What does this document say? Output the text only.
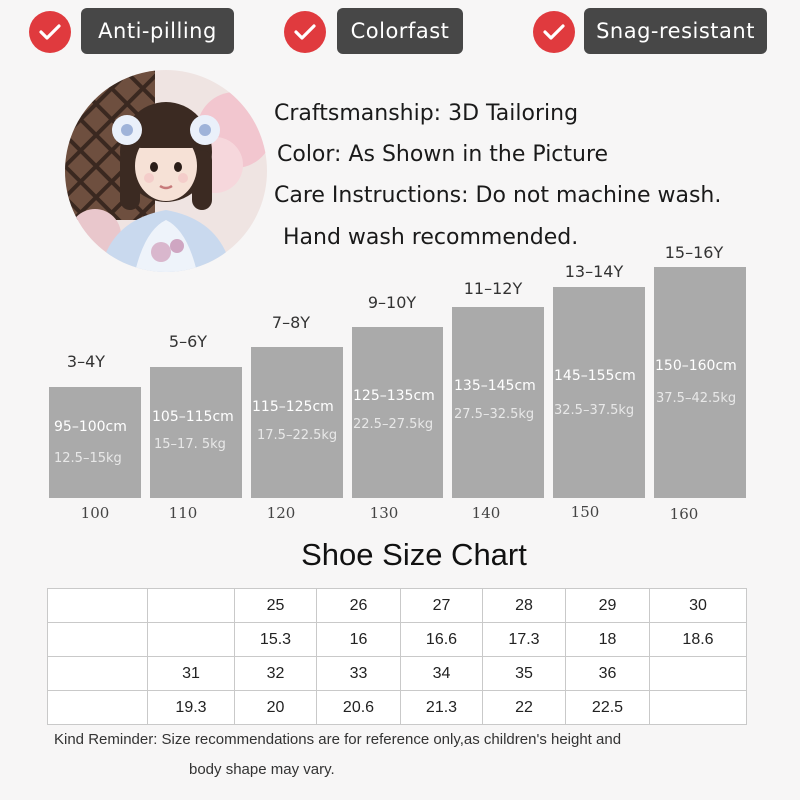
Anti-pilling	Colorfast	Snag-resistant
Craftsmanship: 3D Tailoring
Color: As Shown in the Picture
Care Instructions: Do not machine wash.
Hand wash recommended.
3–4Y
95–100cm
12.5–15kg
100
5–6Y
105–115cm
15–17. 5kg
110
7–8Y
115–125cm
17.5–22.5kg
120
9–10Y
125–135cm
22.5–27.5kg
130
11–12Y
135–145cm
27.5–32.5kg
140
13–14Y
145–155cm
32.5–37.5kg
150
15–16Y
150–160cm
37.5–42.5kg
160
Shoe Size Chart
		25	26	27	28	29	30
		15.3	16	16.6	17.3	18	18.6
	31	32	33	34	35	36	
	19.3	20	20.6	21.3	22	22.5	
Kind Reminder: Size recommendations are for reference only,as children's height and
body shape may vary.
